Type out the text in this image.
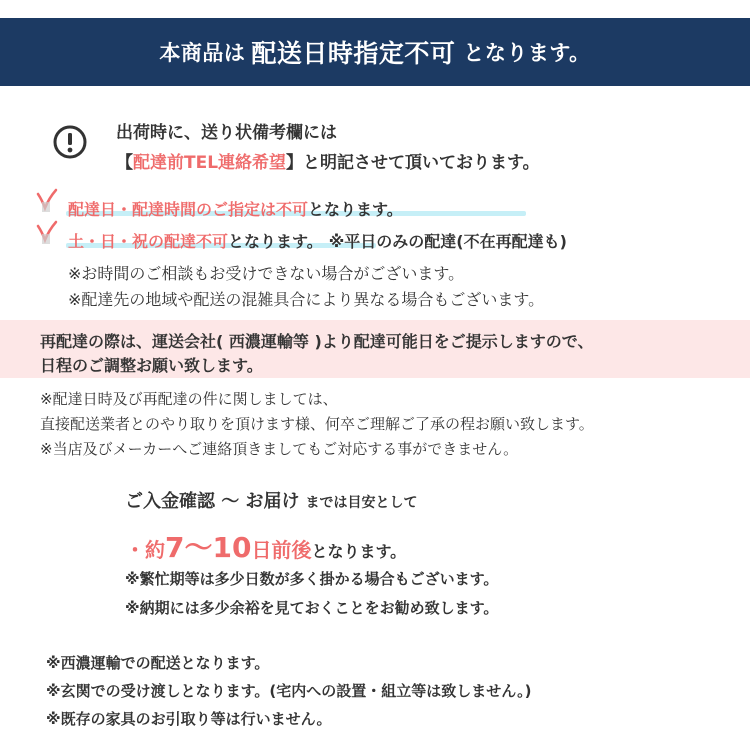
本商品は 配送日時指定不可 となります。
出荷時に、送り状備考欄には
【配達前TEL連絡希望】と明記させて頂いております。
配達日・配達時間のご指定は不可となります。
土・日・祝の配達不可となります。 ※平日のみの配達(不在再配達も)
※お時間のご相談もお受けできない場合がございます。
※配達先の地域や配送の混雑具合により異なる場合もございます。
再配達の際は、運送会社( 西濃運輸等 )より配達可能日をご提示しますので、
日程のご調整お願い致します。
※配達日時及び再配達の件に関しましては、
直接配送業者とのやり取りを頂けます様、何卒ご理解ご了承の程お願い致します。
※当店及びメーカーへご連絡頂きましてもご対応する事ができません。
ご入金確認 〜 お届け までは目安として
・約7〜10日前後となります。
※繁忙期等は多少日数が多く掛かる場合もございます。
※納期には多少余裕を見ておくことをお勧め致します。
※西濃運輸での配送となります。
※玄関での受け渡しとなります。(宅内への設置・組立等は致しません。)
※既存の家具のお引取り等は行いません。
